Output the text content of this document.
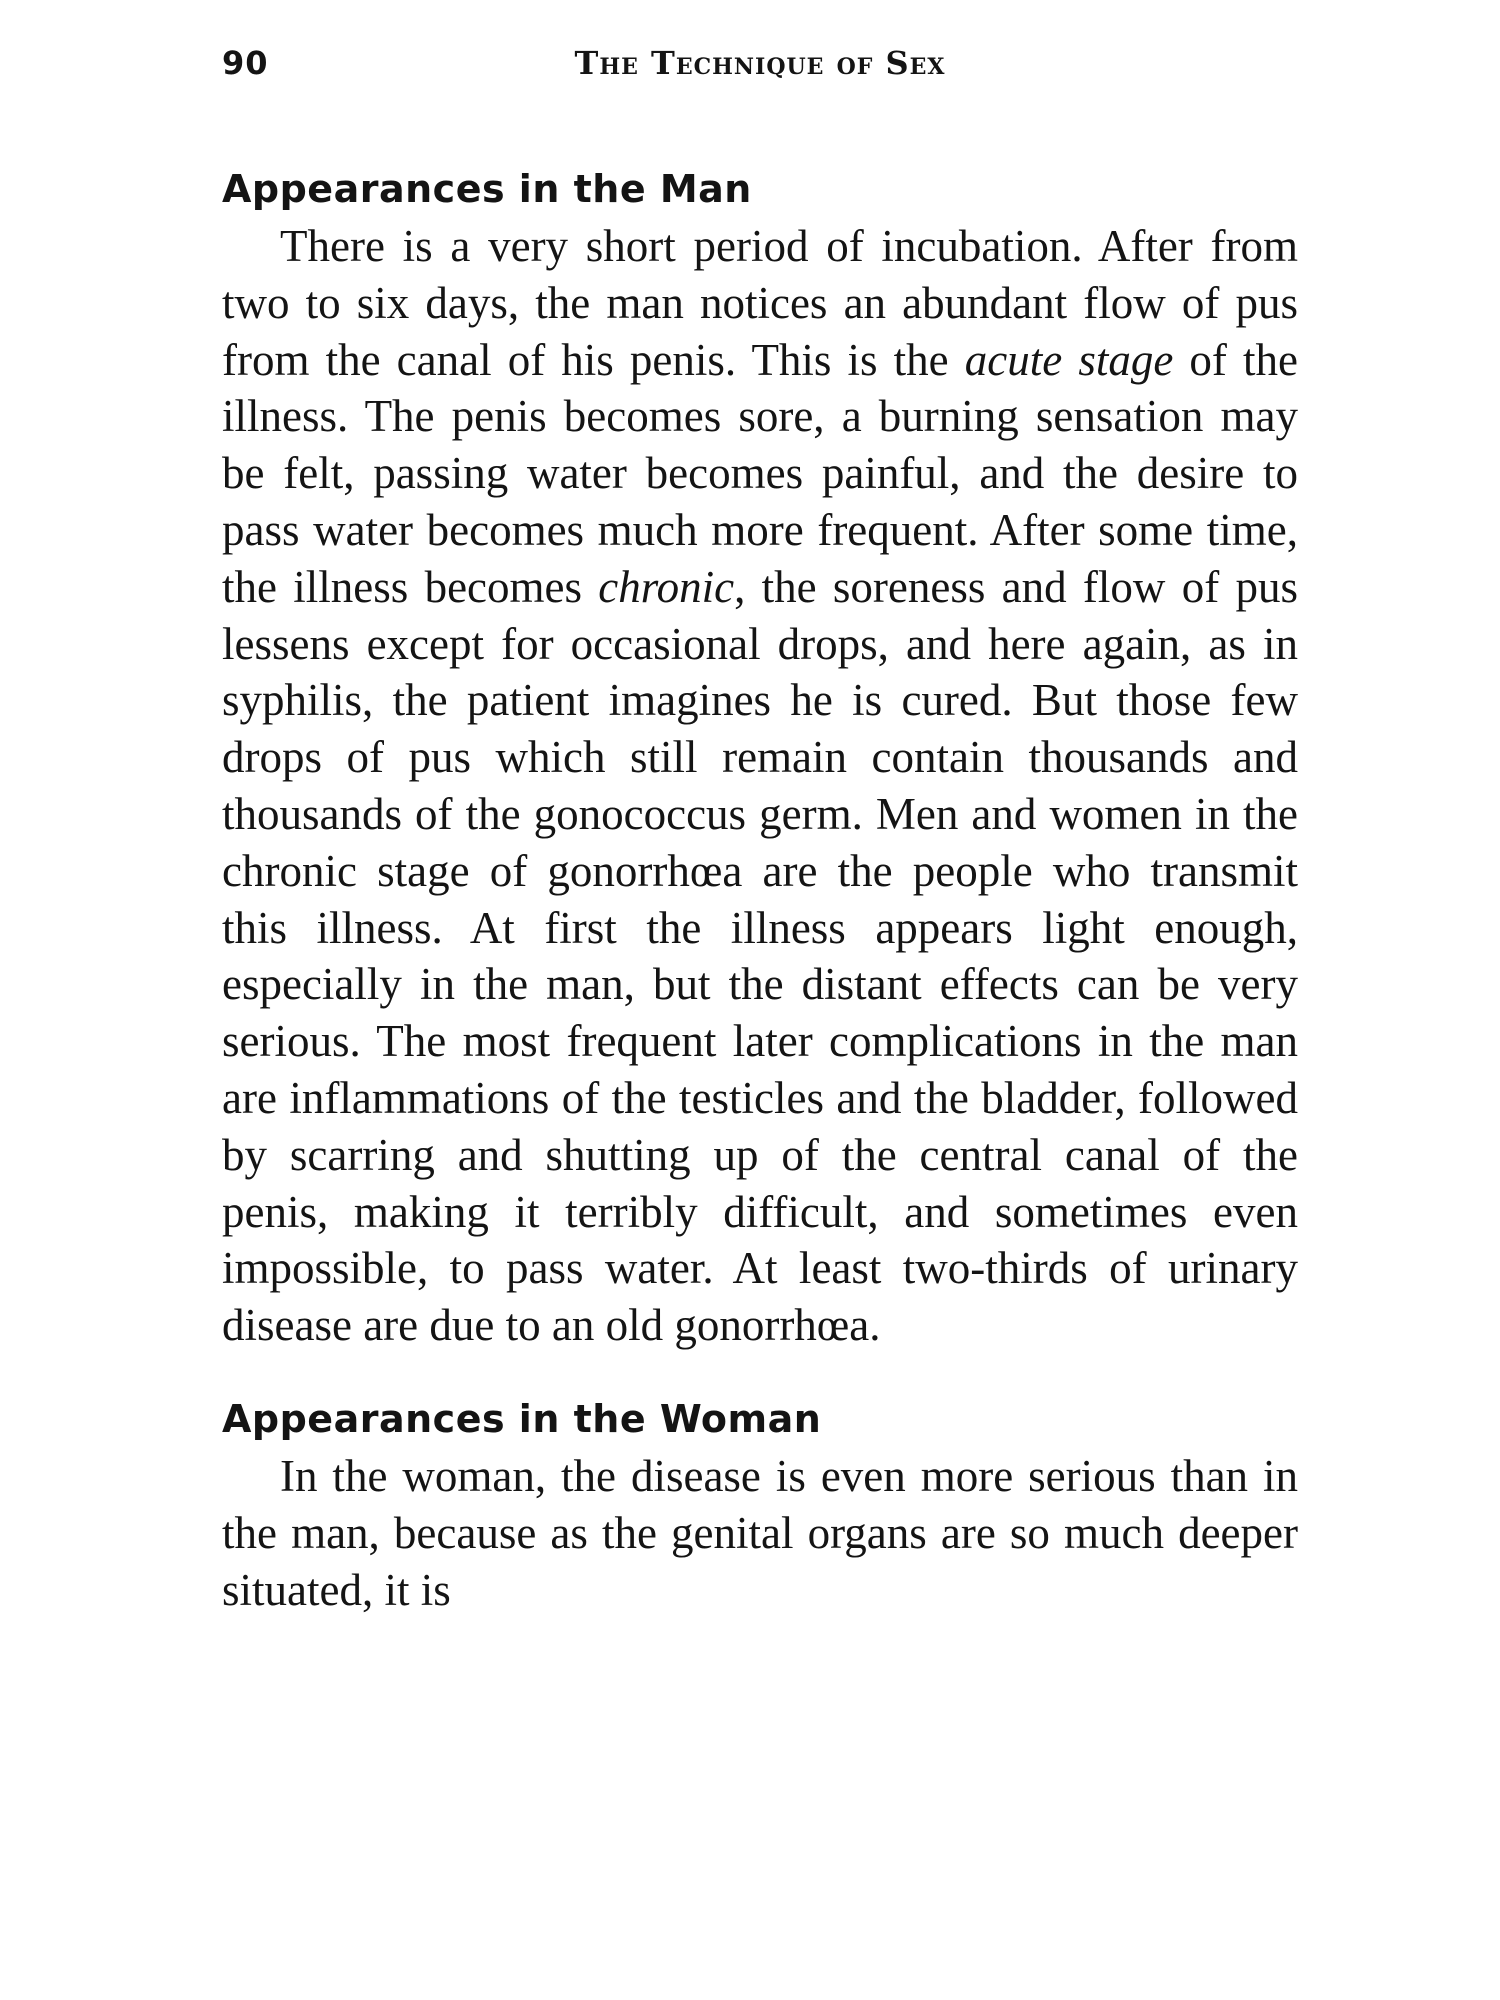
90	The Technique of Sex
Appearances in the Man

There is a very short period of incubation. After from two to six days, the man notices an abundant flow of pus from the canal of his penis. This is the acute stage of the illness. The penis becomes sore, a burning sensation may be felt, passing water becomes painful, and the desire to pass water becomes much more frequent. After some time, the illness becomes chronic, the soreness and flow of pus lessens except for occasional drops, and here again, as in syphilis, the patient imagines he is cured. But those few drops of pus which still remain contain thousands and thousands of the gonococcus germ. Men and women in the chronic stage of gonorrhœa are the people who transmit this illness. At first the illness appears light enough, especially in the man, but the distant effects can be very serious. The most frequent later complications in the man are inflammations of the testicles and the bladder, followed by scarring and shutting up of the central canal of the penis, making it terribly difficult, and sometimes even impossible, to pass water. At least two-thirds of urinary disease are due to an old gonorrhœa.

Appearances in the Woman

In the woman, the disease is even more serious than in the man, because as the genital organs are so much deeper situated, it is
